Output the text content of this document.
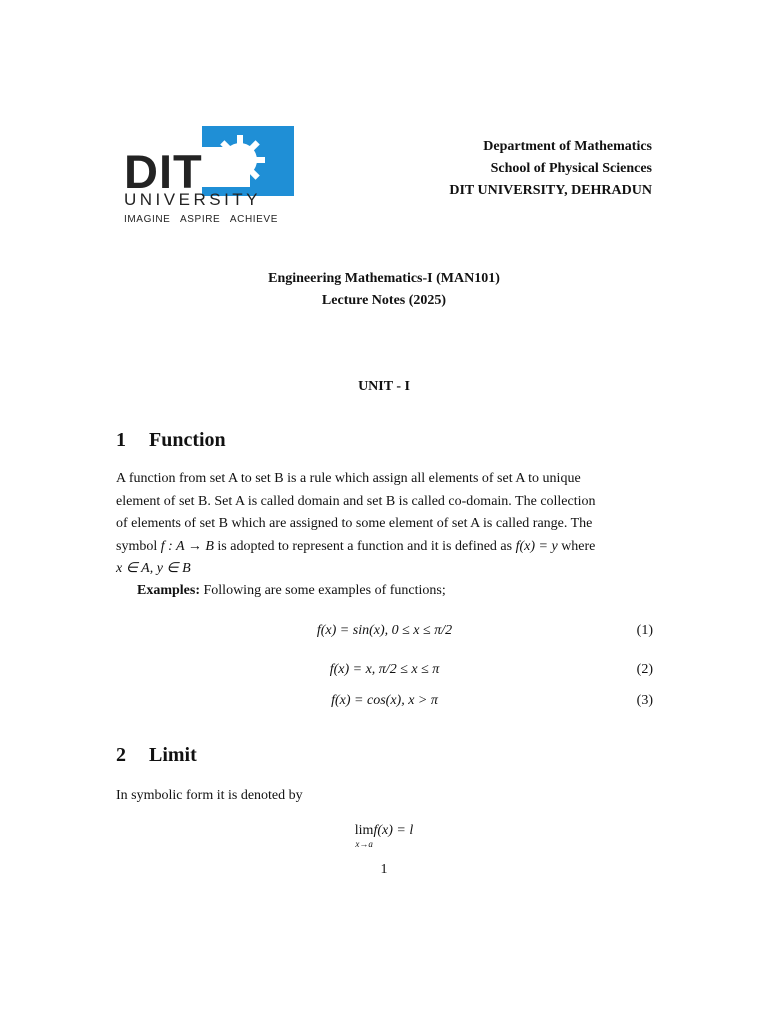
DIT
UNIVERSITY
IMAGINE   ASPIRE   ACHIEVE
Department of Mathematics
School of Physical Sciences
DIT UNIVERSITY, DEHRADUN
Engineering Mathematics-I (MAN101)
Lecture Notes (2025)
UNIT - I
1 Function
A function from set A to set B is a rule which assign all elements of set A to unique
element of set B. Set A is called domain and set B is called co-domain. The collection
of elements of set B which are assigned to some element of set A is called range. The
symbol f : A → B is adopted to represent a function and it is defined as f(x) = y where
x ∈ A, y ∈ B
Examples: Following are some examples of functions;
f(x) = sin(x), 0 ≤ x ≤ π/2	(1)
f(x) = x, π/2 ≤ x ≤ π	(2)
f(x) = cos(x), x > π	(3)
2 Limit
In symbolic form it is denoted by
lim
x→a
f(x) = l
1
